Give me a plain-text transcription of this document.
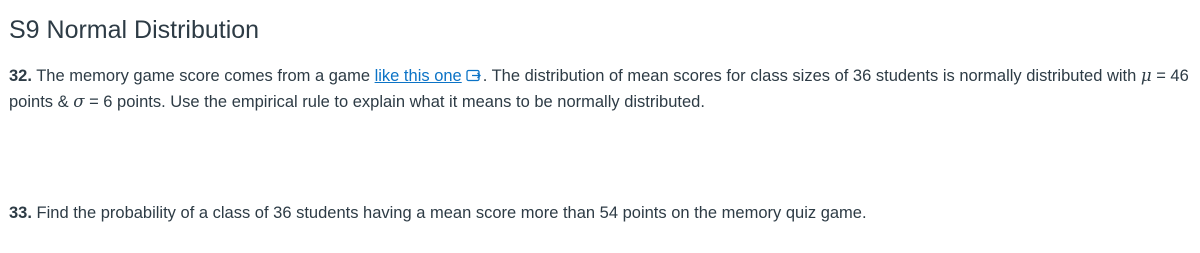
S9 Normal Distribution

32. The memory game score comes from a game like this one . The distribution of mean scores for class sizes of 36 students is normally distributed with μ = 46 points & σ = 6 points. Use the empirical rule to explain what it means to be normally distributed.

33. Find the probability of a class of 36 students having a mean score more than 54 points on the memory quiz game.
